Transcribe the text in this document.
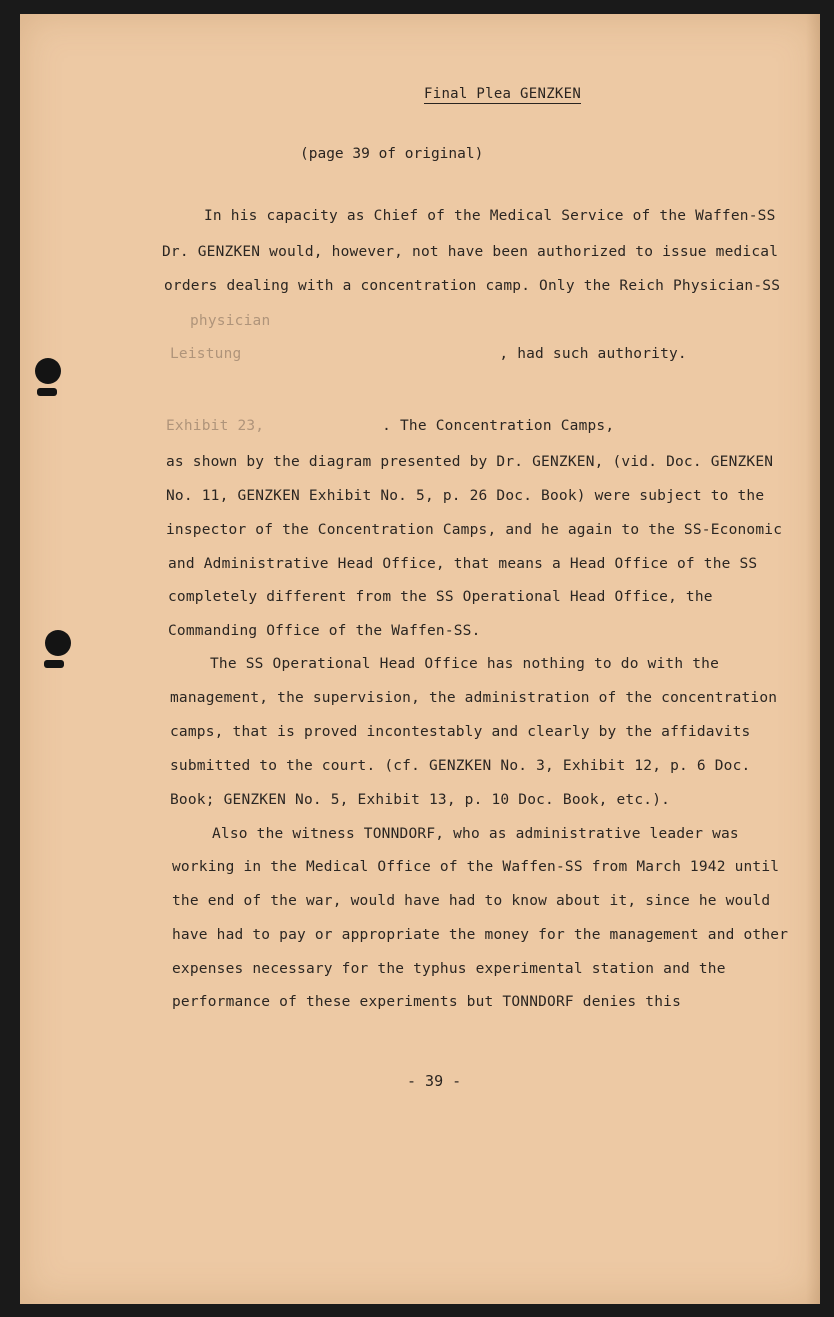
Final Plea GENZKEN
(page 39 of original)
In his capacity as Chief of the Medical Service of the Waffen-SS
Dr. GENZKEN would, however, not have been authorized to issue medical
orders dealing with a concentration camp. Only the Reich Physician-SS
physician
Leistung	, had such authority.

Exhibit 23,	. The Concentration Camps,
as shown by the diagram presented by Dr. GENZKEN, (vid. Doc. GENZKEN
No. 11, GENZKEN Exhibit No. 5, p. 26 Doc. Book) were subject to the
inspector of the Concentration Camps, and he again to the SS-Economic
and Administrative Head Office, that means a Head Office of the SS
completely different from the SS Operational Head Office, the
Commanding Office of the Waffen-SS.
The SS Operational Head Office has nothing to do with the
management, the supervision, the administration of the concentration
camps, that is proved incontestably and clearly by the affidavits
submitted to the court. (cf. GENZKEN No. 3, Exhibit 12, p. 6 Doc.
Book; GENZKEN No. 5, Exhibit 13, p. 10 Doc. Book, etc.).
Also the witness TONNDORF, who as administrative leader was
working in the Medical Office of the Waffen-SS from March 1942 until
the end of the war, would have had to know about it, since he would
have had to pay or appropriate the money for the management and other
expenses necessary for the typhus experimental station and the
performance of these experiments but TONNDORF denies this
- 39 -
